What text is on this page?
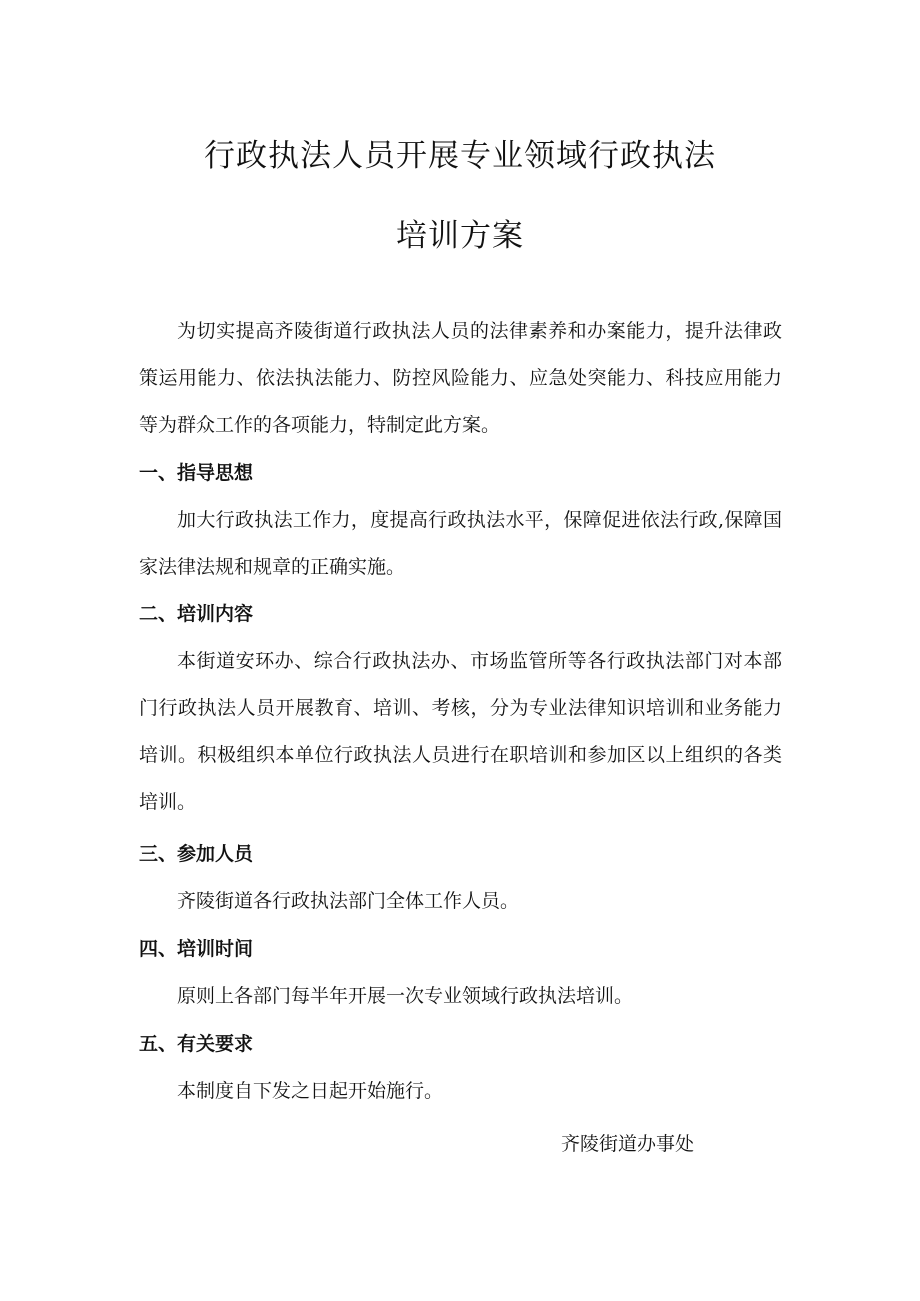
行政执法人员开展专业领域行政执法
培训方案

为切实提高齐陵街道行政执法人员的法律素养和办案能力，提升法律政策运用能力、依法执法能力、防控风险能力、应急处突能力、科技应用能力等为群众工作的各项能力，特制定此方案。

一、指导思想

加大行政执法工作力，度提高行政执法水平，保障促进依法行政,保障国家法律法规和规章的正确实施。

二、培训内容

本街道安环办、综合行政执法办、市场监管所等各行政执法部门对本部门行政执法人员开展教育、培训、考核，分为专业法律知识培训和业务能力培训。积极组织本单位行政执法人员进行在职培训和参加区以上组织的各类培训。

三、参加人员

齐陵街道各行政执法部门全体工作人员。

四、培训时间

原则上各部门每半年开展一次专业领域行政执法培训。

五、有关要求

本制度自下发之日起开始施行。

齐陵街道办事处
